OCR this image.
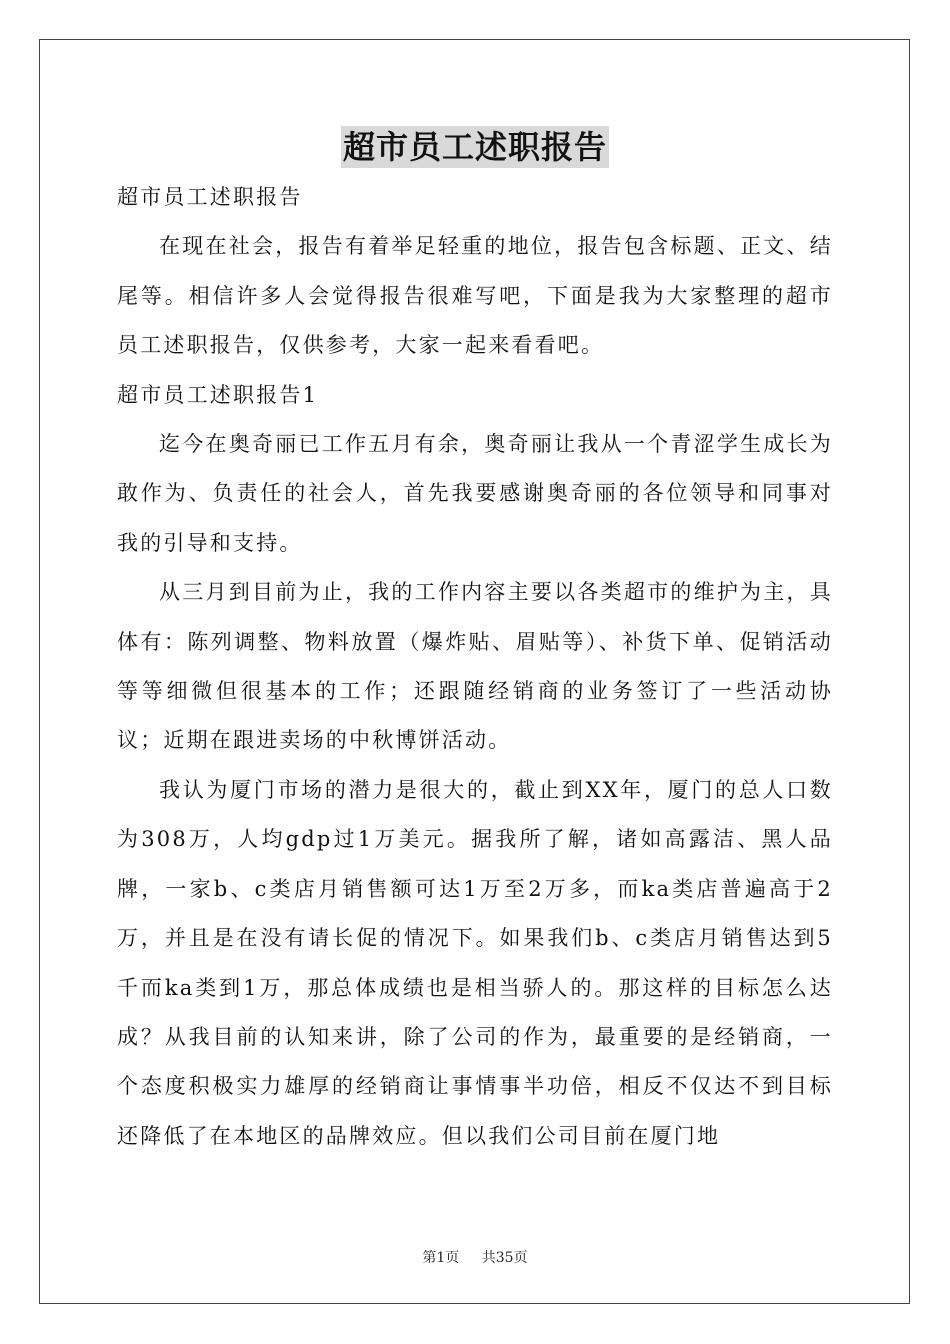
超市员工述职报告

超市员工述职报告

在现在社会，报告有着举足轻重的地位，报告包含标题、正文、结尾等。相信许多人会觉得报告很难写吧，下面是我为大家整理的超市员工述职报告，仅供参考，大家一起来看看吧。

超市员工述职报告1

迄今在奥奇丽已工作五月有余，奥奇丽让我从一个青涩学生成长为敢作为、负责任的社会人，首先我要感谢奥奇丽的各位领导和同事对我的引导和支持。

从三月到目前为止，我的工作内容主要以各类超市的维护为主，具体有：陈列调整、物料放置（爆炸贴、眉贴等）、补货下单、促销活动等等细微但很基本的工作；还跟随经销商的业务签订了一些活动协议；近期在跟进卖场的中秋博饼活动。

我认为厦门市场的潜力是很大的，截止到XX年，厦门的总人口数为308万，人均gdp过1万美元。据我所了解，诸如高露洁、黑人品牌，一家b、c类店月销售额可达1万至2万多，而ka类店普遍高于2万，并且是在没有请长促的情况下。如果我们b、c类店月销售达到5千而ka类到1万，那总体成绩也是相当骄人的。那这样的目标怎么达成？从我目前的认知来讲，除了公司的作为，最重要的是经销商，一个态度积极实力雄厚的经销商让事情事半功倍，相反不仅达不到目标还降低了在本地区的品牌效应。但以我们公司目前在厦门地

第1页 共35页
